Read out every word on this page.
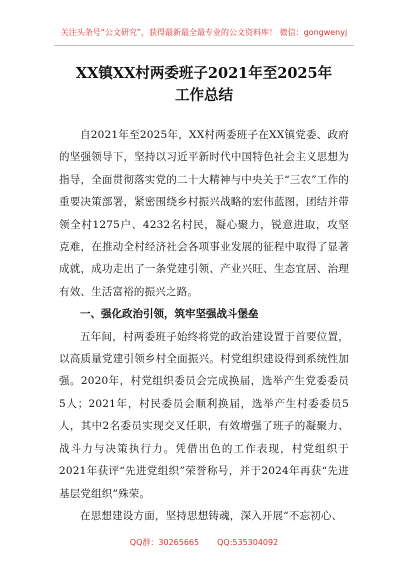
关注头条号“公文研究”，获得最新最全最专业的公文资料库！ 微信：gongwenyj
XX镇XX村两委班子2021年至2025年
工作总结

自2021年至2025年，XX村两委班子在XX镇党委、政府的坚强领导下，坚持以习近平新时代中国特色社会主义思想为指导，全面贯彻落实党的二十大精神与中央关于“三农”工作的重要决策部署，紧密围绕乡村振兴战略的宏伟蓝图，团结并带领全村1275户、4232名村民，凝心聚力，锐意进取，攻坚克难，在推动全村经济社会各项事业发展的征程中取得了显著成就，成功走出了一条党建引领、产业兴旺、生态宜居、治理有效、生活富裕的振兴之路。

一、强化政治引领，筑牢坚强战斗堡垒

五年间，村两委班子始终将党的政治建设置于首要位置，以高质量党建引领乡村全面振兴。村党组织建设得到系统性加强。2020年，村党组织委员会完成换届，选举产生党委委员5人；2021年，村民委员会顺利换届，选举产生村委委员5人，其中2名委员实现交叉任职，有效增强了班子的凝聚力、战斗力与决策执行力。凭借出色的工作表现，村党组织于2021年获评“先进党组织”荣誉称号，并于2024年再获“先进基层党组织”殊荣。

在思想建设方面，坚持思想铸魂，深入开展“不忘初心、

QQ群：30265665 QQ:535304092
